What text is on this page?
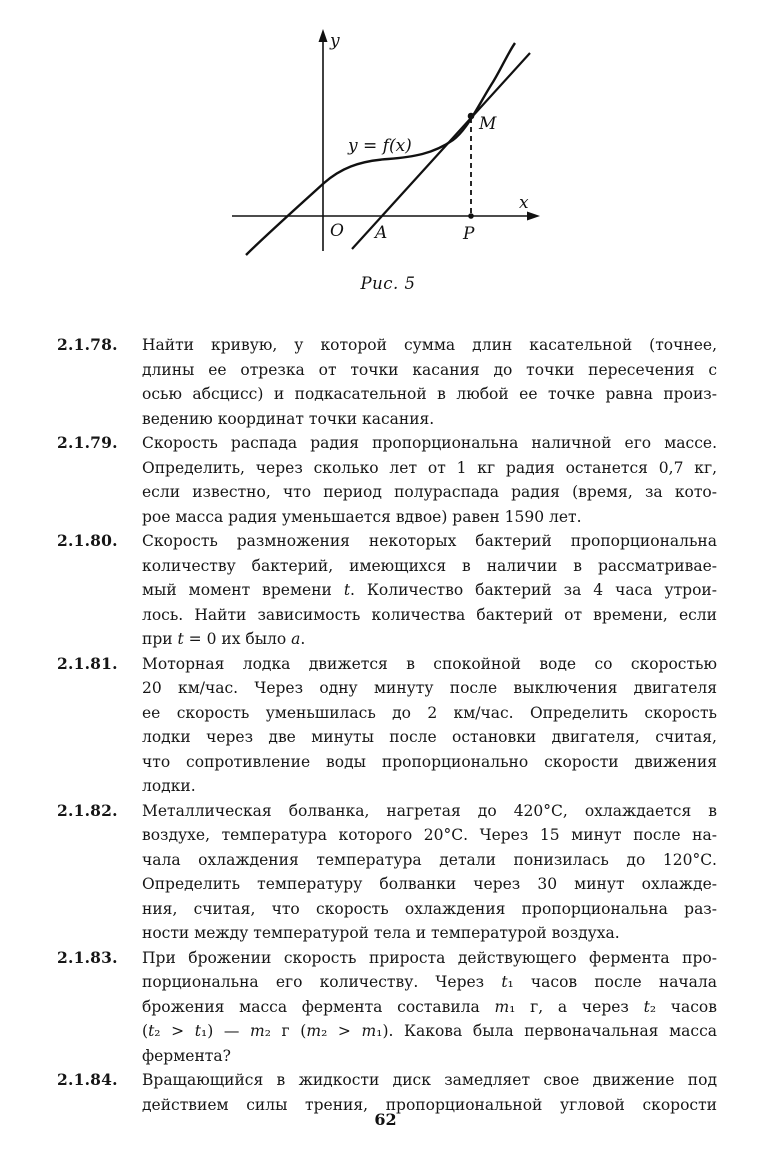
y
x
O A	P
M
y = f(x)
Рис. 5
2.1.78.	Найти кривую, у которой сумма длин касательной (точнее,
длины ее отрезка от точки касания до точки пересечения с
осью абсцисс) и подкасательной в любой ее точке равна произ-
ведению координат точки касания.
2.1.79.	Скорость распада радия пропорциональна наличной его массе.
Определить, через сколько лет от 1 кг радия останется 0,7 кг,
если известно, что период полураспада радия (время, за кото-
рое масса радия уменьшается вдвое) равен 1590 лет.
2.1.80.	Скорость размножения некоторых бактерий пропорциональна
количеству бактерий, имеющихся в наличии в рассматривае-
мый момент времени t. Количество бактерий за 4 часа утрои-
лось. Найти зависимость количества бактерий от времени, если
при t = 0 их было a.
2.1.81.	Моторная лодка движется в спокойной воде со скоростью
20 км/час. Через одну минуту после выключения двигателя
ее скорость уменьшилась до 2 км/час. Определить скорость
лодки через две минуты после остановки двигателя, считая,
что сопротивление воды пропорционально скорости движения
лодки.
2.1.82.	Металлическая болванка, нагретая до 420°С, охлаждается в
воздухе, температура которого 20°С. Через 15 минут после на-
чала охлаждения температура детали понизилась до 120°С.
Определить температуру болванки через 30 минут охлажде-
ния, считая, что скорость охлаждения пропорциональна раз-
ности между температурой тела и температурой воздуха.
2.1.83.	При брожении скорость прироста действующего фермента про-
порциональна его количеству. Через t₁ часов после начала
брожения масса фермента составила m₁ г, а через t₂ часов
(t₂ > t₁) — m₂ г (m₂ > m₁). Какова была первоначальная масса
фермента?
2.1.84.	Вращающийся в жидкости диск замедляет свое движение под
действием силы трения, пропорциональной угловой скорости
62
